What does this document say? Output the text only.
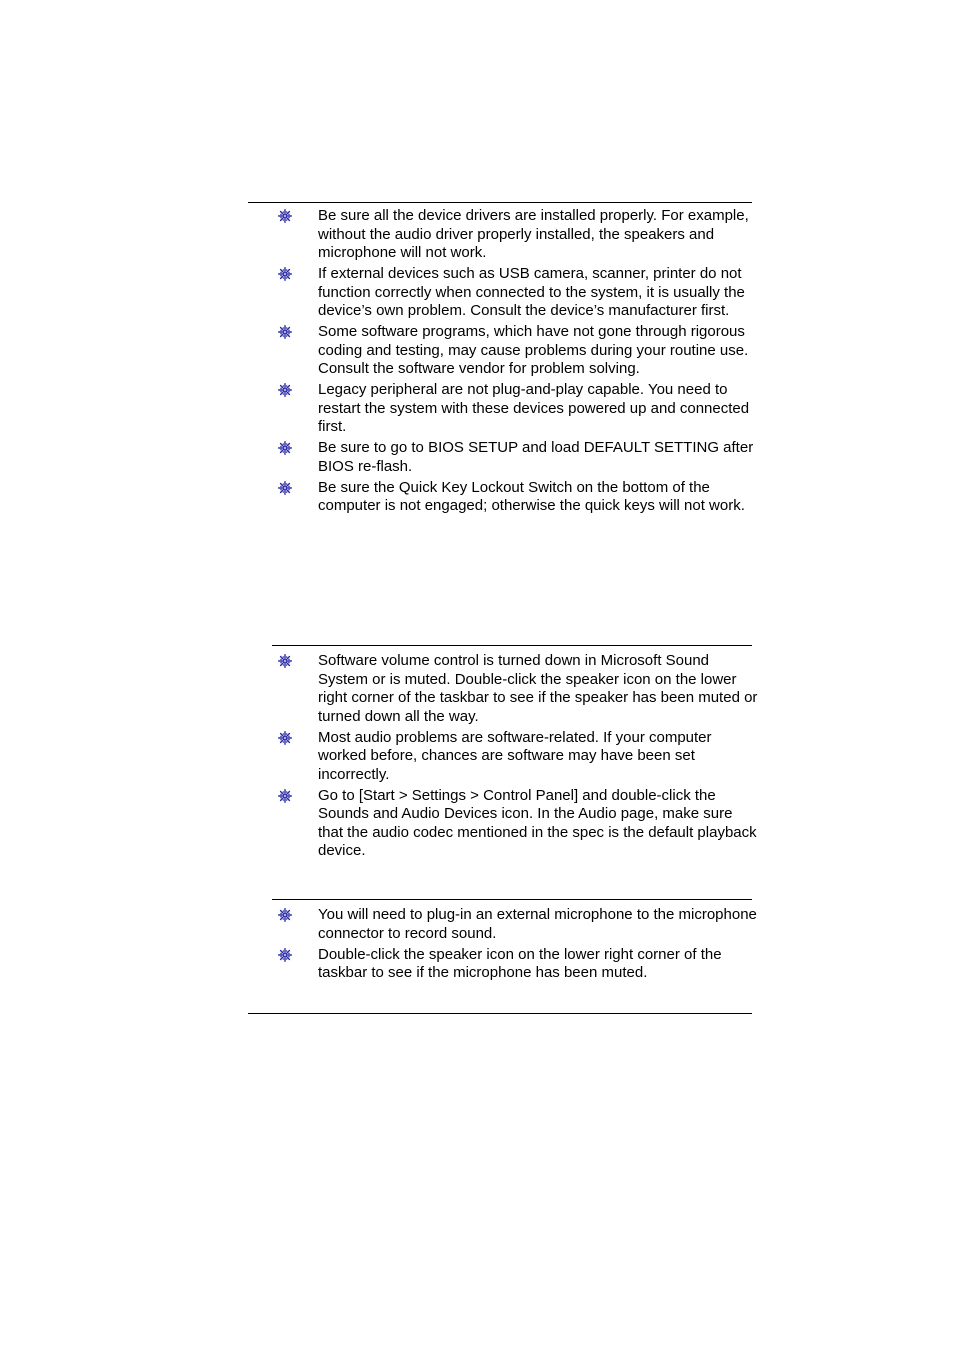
Be sure all the device drivers are installed properly. For example, without the audio driver properly installed, the speakers and microphone will not work.
If external devices such as USB camera, scanner, printer do not function correctly when connected to the system, it is usually the device’s own problem. Consult the device’s manufacturer first.
Some software programs, which have not gone through rigorous coding and testing, may cause problems during your routine use. Consult the software vendor for problem solving.
Legacy peripheral are not plug-and-play capable. You need to restart the system with these devices powered up and connected first.
Be sure to go to BIOS SETUP and load DEFAULT SETTING after BIOS re-flash.
Be sure the Quick Key Lockout Switch on the bottom of the computer is not engaged; otherwise the quick keys will not work.
Software volume control is turned down in Microsoft Sound System or is muted. Double-click the speaker icon on the lower right corner of the taskbar to see if the speaker has been muted or turned down all the way.
Most audio problems are software-related. If your computer worked before, chances are software may have been set incorrectly.
Go to [Start > Settings > Control Panel] and double-click the Sounds and Audio Devices icon. In the Audio page, make sure that the audio codec mentioned in the spec is the default playback device.
You will need to plug-in an external microphone to the microphone connector to record sound.
Double-click the speaker icon on the lower right corner of the taskbar to see if the microphone has been muted.
